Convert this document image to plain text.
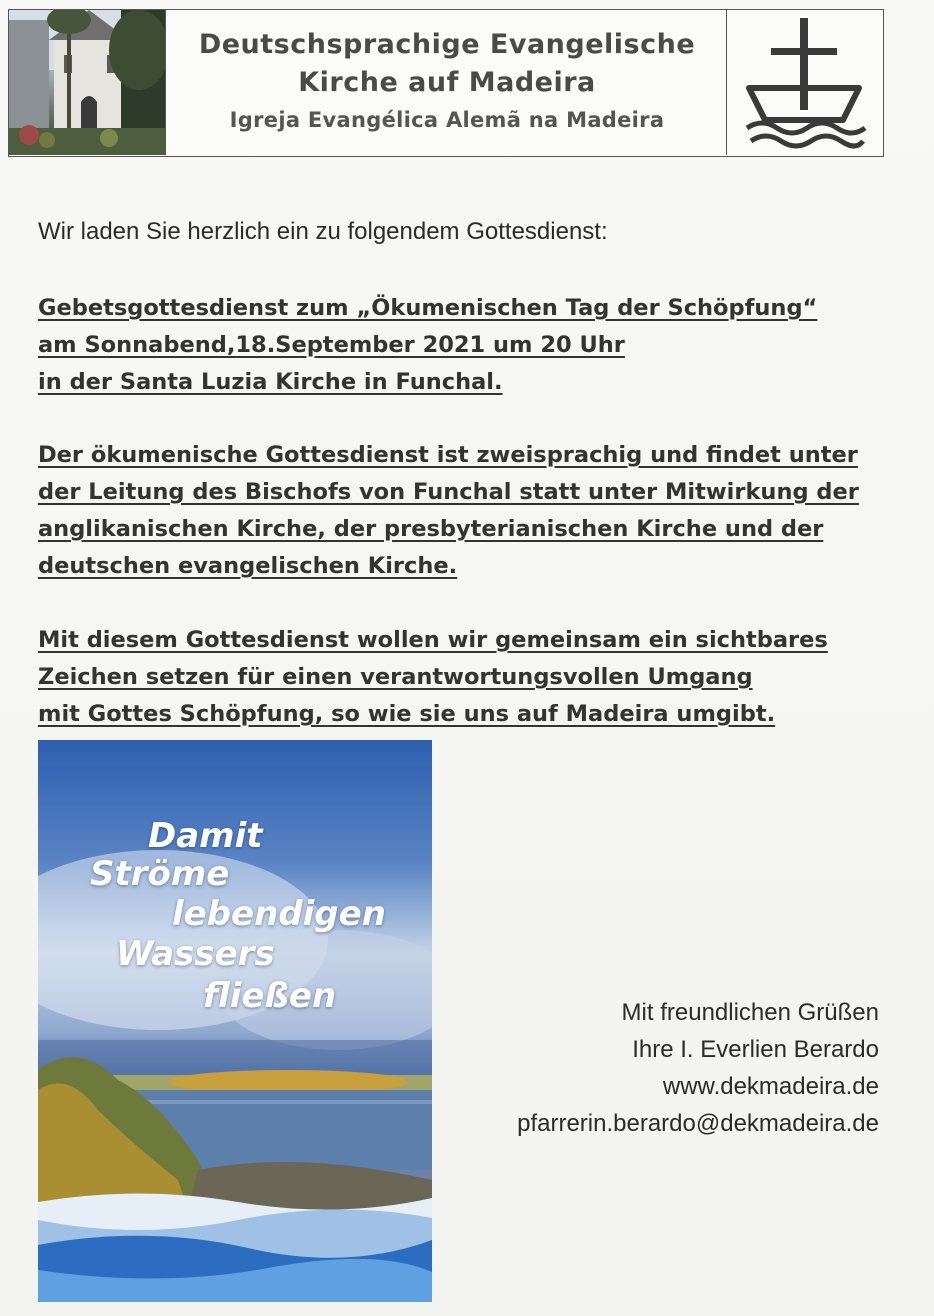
Deutschsprachige Evangelische
Kirche auf Madeira
Igreja Evangélica Alemã na Madeira
Wir laden Sie herzlich ein zu folgendem Gottesdienst:
Gebetsgottesdienst zum „Ökumenischen Tag der Schöpfung“
am Sonnabend,18.September 2021 um 20 Uhr
in der Santa Luzia Kirche in Funchal.
Der ökumenische Gottesdienst ist zweisprachig und findet unter
der Leitung des Bischofs von Funchal statt unter Mitwirkung der
anglikanischen Kirche, der presbyterianischen Kirche und der
deutschen evangelischen Kirche.
Mit diesem Gottesdienst wollen wir gemeinsam ein sichtbares
Zeichen setzen für einen verantwortungsvollen Umgang
mit Gottes Schöpfung, so wie sie uns auf Madeira umgibt.
Damit
Ströme
lebendigen
Wassers
fließen	Mit freundlichen Grüßen
Ihre I. Everlien Berardo
www.dekmadeira.de
pfarrerin.berardo@dekmadeira.de
